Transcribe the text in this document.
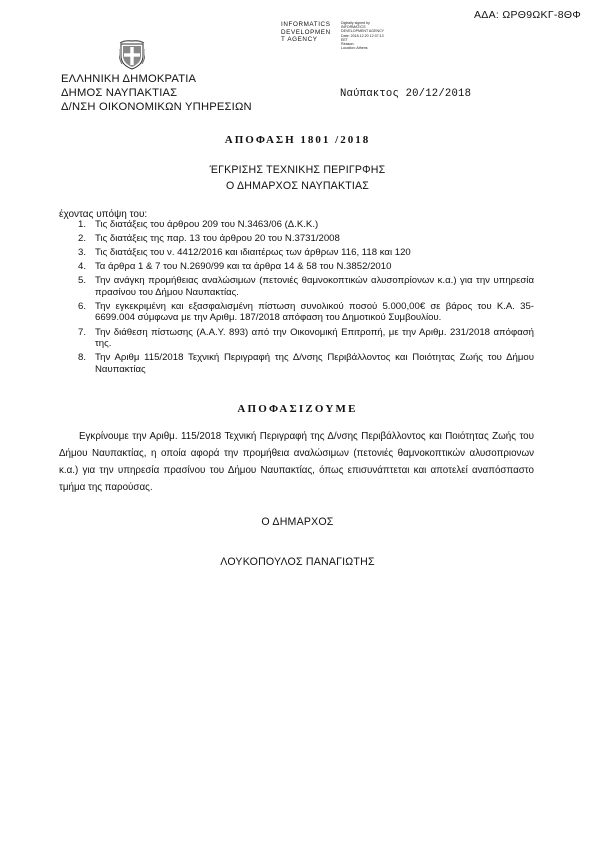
ΑΔΑ: ΩΡΘ9ΩΚΓ-8ΘΦ
INFORMATICS
DEVELOPMEN
T AGENCY
Digitally signed by
INFORMATICS
DEVELOPMENT AGENCY
Date: 2018.12.20 12:37:13
EET
Reason:
Location: Athens
ΕΛΛΗΝΙΚΗ ΔΗΜΟΚΡΑΤΙΑ
ΔΗΜΟΣ ΝΑΥΠΑΚΤΙΑΣ
Δ/ΝΣΗ ΟΙΚΟΝΟΜΙΚΩΝ ΥΠΗΡΕΣΙΩΝ
Ναύπακτος 20/12/2018
ΑΠΟΦΑΣΗ 1801 /2018
ΈΓΚΡΙΣΗΣ ΤΕΧΝΙΚΗΣ ΠΕΡΙΓΡΦΗΣ
Ο ΔΗΜΑΡΧΟΣ ΝΑΥΠΑΚΤΙΑΣ
έχοντας υπόψη του:
1. Τις διατάξεις του άρθρου 209 του Ν.3463/06 (Δ.Κ.Κ.)
2. Τις διατάξεις της παρ. 13 του άρθρου 20 του Ν.3731/2008
3. Τις διατάξεις του ν. 4412/2016 και ιδιαιτέρως των άρθρων 116, 118 και 120
4. Τα άρθρα 1 & 7 του Ν.2690/99 και τα άρθρα 14 & 58 του Ν.3852/2010
5. Την ανάγκη προμήθειας αναλώσιμων (πετονιές θαμνοκοπτικών αλυσοπρίονων κ.α.) για την υπηρεσία πρασίνου του Δήμου Ναυπακτίας.
6. Την εγκεκριμένη και εξασφαλισμένη πίστωση συνολικού ποσού 5.000,00€ σε βάρος του Κ.Α. 35-6699.004 σύμφωνα με την Αριθμ. 187/2018 απόφαση του Δημοτικού Συμβουλίου.
7. Την διάθεση πίστωσης (Α.Α.Υ. 893) από την Οικονομική Επιτροπή, με την Αριθμ. 231/2018 απόφασή της.
8. Την Αριθμ 115/2018 Τεχνική Περιγραφή της Δ/νσης Περιβάλλοντος και Ποιότητας Ζωής του Δήμου Ναυπακτίας
ΑΠΟΦΑΣΙΖΟΥΜΕ
Εγκρίνουμε την Αριθμ. 115/2018 Τεχνική Περιγραφή της Δ/νσης Περιβάλλοντος και Ποιότητας Ζωής του Δήμου Ναυπακτίας, η οποία αφορά την προμήθεια αναλώσιμων (πετονιές θαμνοκοπτικών αλυσοπριονων κ.α.) για την υπηρεσία πρασίνου του Δήμου Ναυπακτίας, όπως επισυνάπτεται και αποτελεί αναπόσπαστο τμήμα της παρούσας.
Ο ΔΗΜΑΡΧΟΣ
ΛΟΥΚΟΠΟΥΛΟΣ ΠΑΝΑΓΙΩΤΗΣ
